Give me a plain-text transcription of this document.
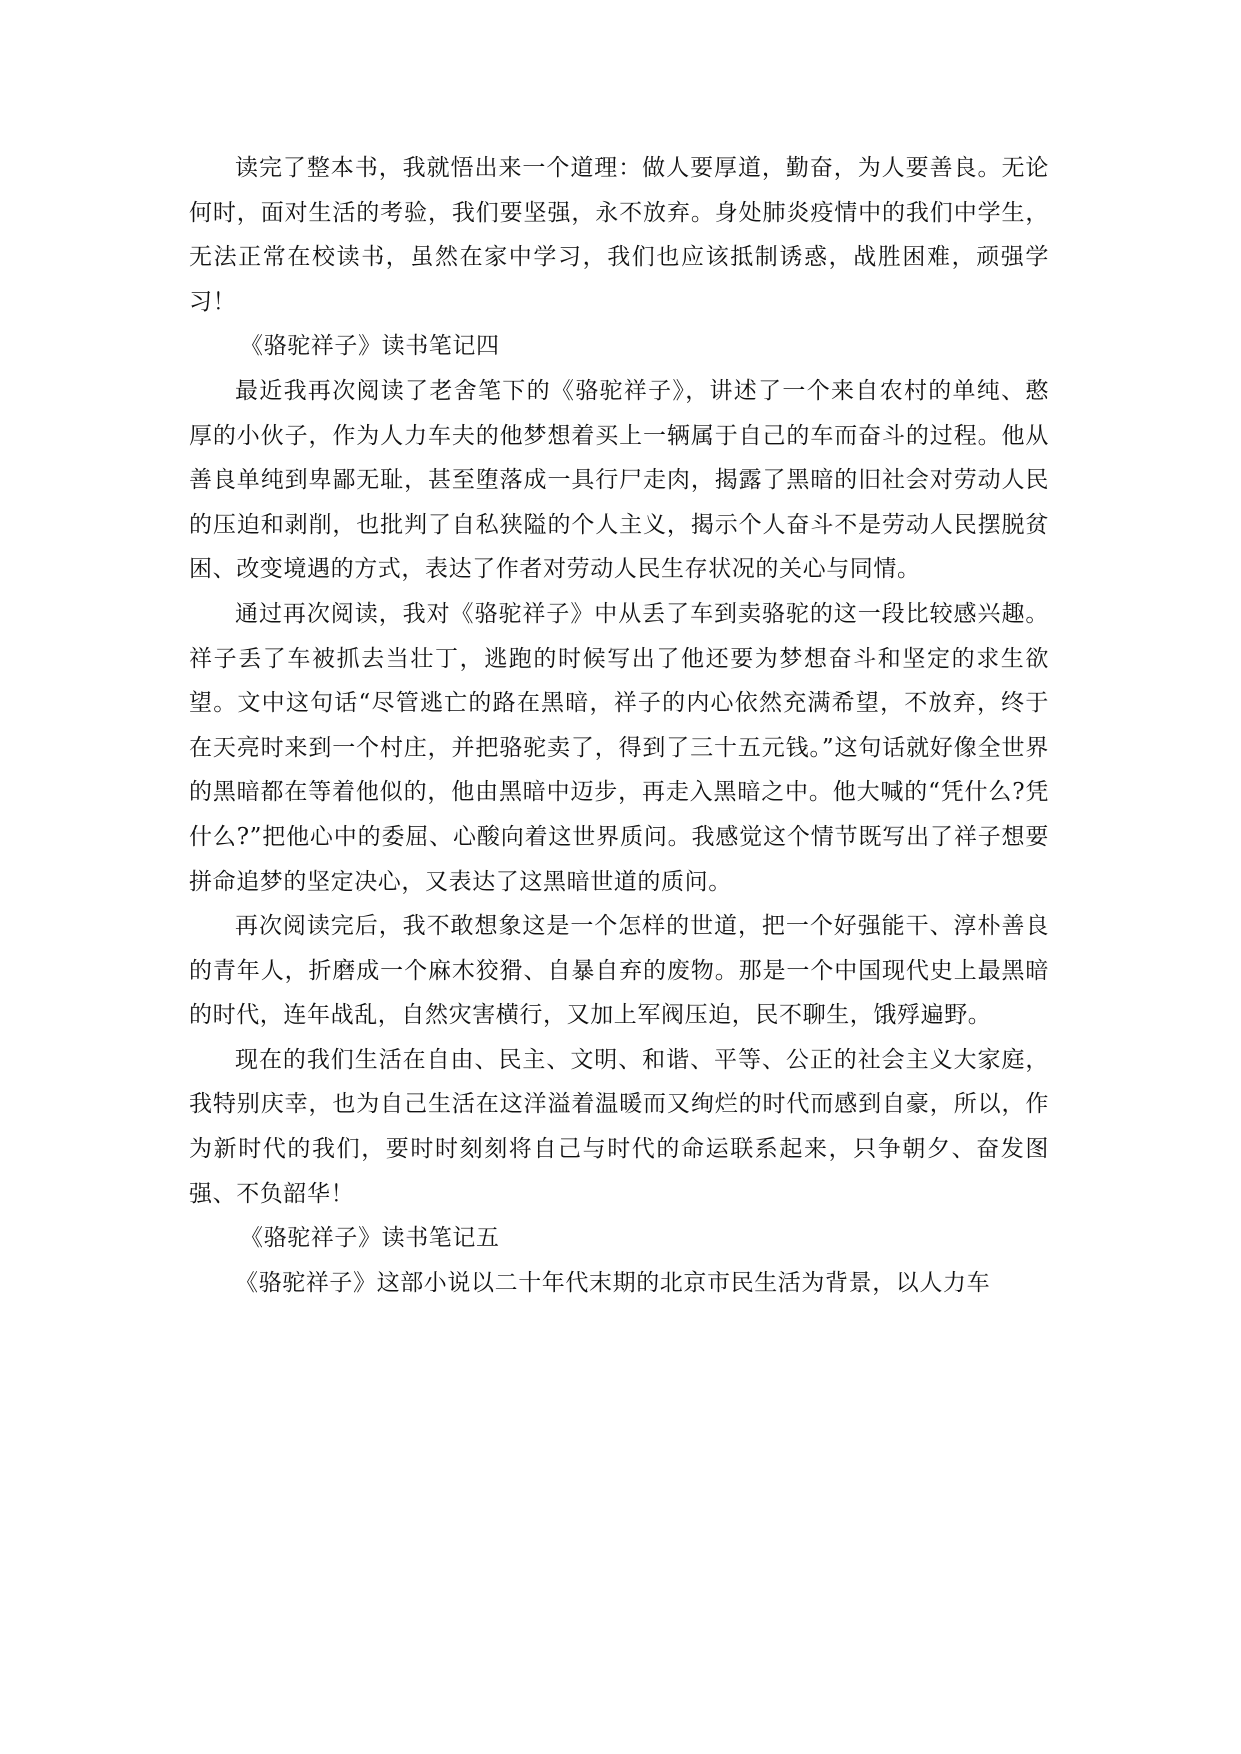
读完了整本书，我就悟出来一个道理：做人要厚道，勤奋，为人要善良。无论何时，面对生活的考验，我们要坚强，永不放弃。身处肺炎疫情中的我们中学生，无法正常在校读书，虽然在家中学习，我们也应该抵制诱惑，战胜困难，顽强学习！

《骆驼祥子》读书笔记四

最近我再次阅读了老舍笔下的《骆驼祥子》，讲述了一个来自农村的单纯、憨厚的小伙子，作为人力车夫的他梦想着买上一辆属于自己的车而奋斗的过程。他从善良单纯到卑鄙无耻，甚至堕落成一具行尸走肉，揭露了黑暗的旧社会对劳动人民的压迫和剥削，也批判了自私狭隘的个人主义，揭示个人奋斗不是劳动人民摆脱贫困、改变境遇的方式，表达了作者对劳动人民生存状况的关心与同情。

通过再次阅读，我对《骆驼祥子》中从丢了车到卖骆驼的这一段比较感兴趣。祥子丢了车被抓去当壮丁，逃跑的时候写出了他还要为梦想奋斗和坚定的求生欲望。文中这句话“尽管逃亡的路在黑暗，祥子的内心依然充满希望，不放弃，终于在天亮时来到一个村庄，并把骆驼卖了，得到了三十五元钱。”这句话就好像全世界的黑暗都在等着他似的，他由黑暗中迈步，再走入黑暗之中。他大喊的“凭什么?凭什么?”把他心中的委屈、心酸向着这世界质问。我感觉这个情节既写出了祥子想要拼命追梦的坚定决心，又表达了这黑暗世道的质问。

再次阅读完后，我不敢想象这是一个怎样的世道，把一个好强能干、淳朴善良的青年人，折磨成一个麻木狡猾、自暴自弃的废物。那是一个中国现代史上最黑暗的时代，连年战乱，自然灾害横行，又加上军阀压迫，民不聊生，饿殍遍野。

现在的我们生活在自由、民主、文明、和谐、平等、公正的社会主义大家庭，我特别庆幸，也为自己生活在这洋溢着温暖而又绚烂的时代而感到自豪，所以，作为新时代的我们，要时时刻刻将自己与时代的命运联系起来，只争朝夕、奋发图强、不负韶华！

《骆驼祥子》读书笔记五

《骆驼祥子》这部小说以二十年代末期的北京市民生活为背景，以人力车
